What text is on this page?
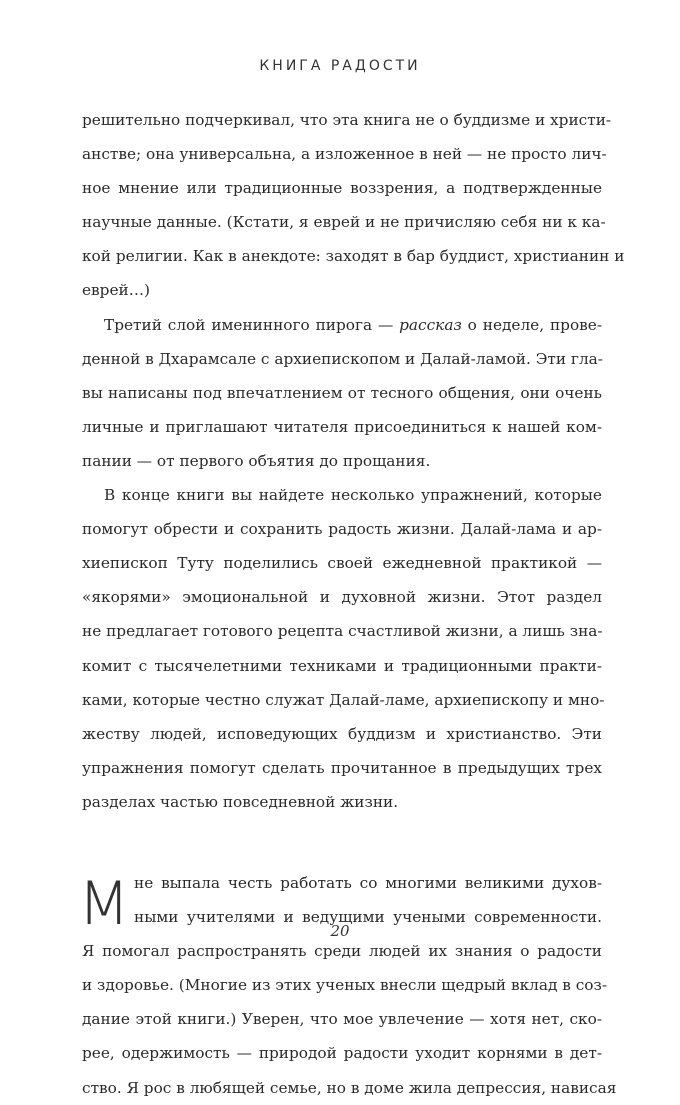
КНИГА РАДОСТИ
решительно подчеркивал, что эта книга не о буддизме и христи-
анстве; она универсальна, а изложенное в ней — не просто лич-
ное мнение или традиционные воззрения, а подтвержденные
научные данные. (Кстати, я еврей и не причисляю себя ни к ка-
кой религии. Как в анекдоте: заходят в бар буддист, христианин и
еврей…)
Третий слой именинного пирога — рассказ о неделе, прове-
денной в Дхарамсале с архиепископом и Далай-ламой. Эти гла-
вы написаны под впечатлением от тесного общения, они очень
личные и приглашают читателя присоединиться к нашей ком-
пании — от первого объятия до прощания.
В конце книги вы найдете несколько упражнений, которые
помогут обрести и сохранить радость жизни. Далай-лама и ар-
хиепископ Туту поделились своей ежедневной практикой —
«якорями» эмоциональной и духовной жизни. Этот раздел
не предлагает готового рецепта счастливой жизни, а лишь зна-
комит с тысячелетними техниками и традиционными практи-
ками, которые честно служат Далай-ламе, архиепископу и мно-
жеству людей, исповедующих буддизм и христианство. Эти
упражнения помогут сделать прочитанное в предыдущих трех
разделах частью повседневной жизни.
М не выпала честь работать со многими великими духов-
ными учителями и ведущими учеными современности.
Я помогал распространять среди людей их знания о радости
и здоровье. (Многие из этих ученых внесли щедрый вклад в соз-
дание этой книги.) Уверен, что мое увлечение — хотя нет, ско-
рее, одержимость — природой радости уходит корнями в дет-
ство. Я рос в любящей семье, но в доме жила депрессия, нависая
20
